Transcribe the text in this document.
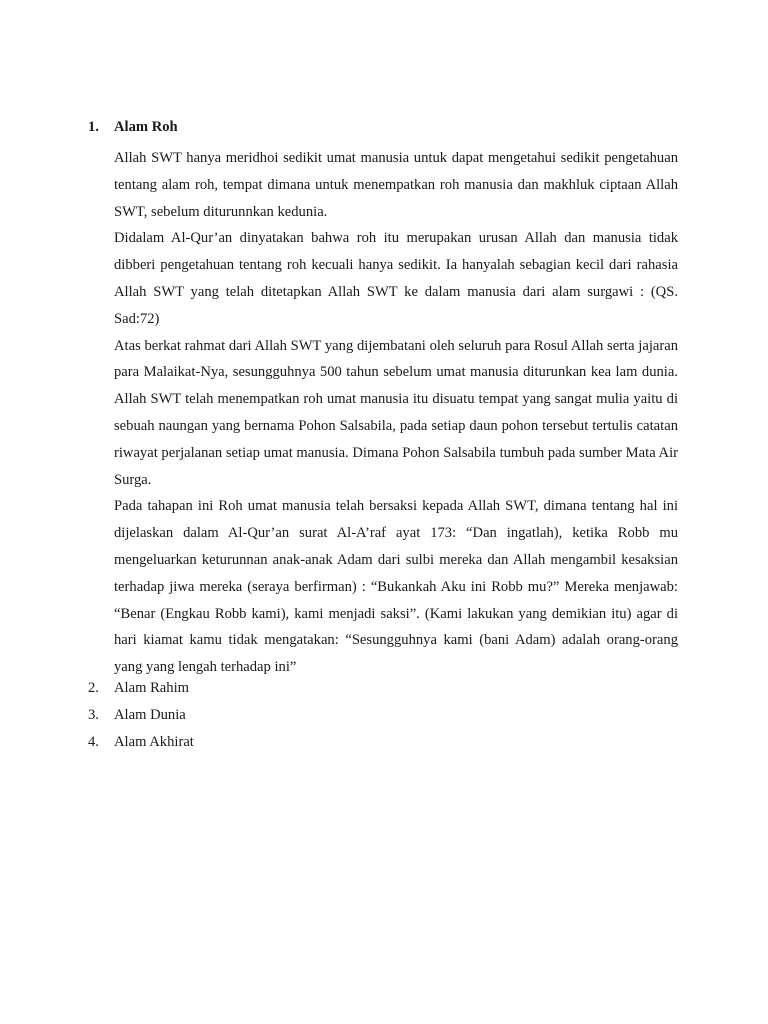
1.	Alam Roh

Allah SWT hanya meridhoi sedikit umat manusia untuk dapat mengetahui sedikit pengetahuan tentang alam roh, tempat dimana untuk menempatkan roh manusia dan makhluk ciptaan Allah SWT, sebelum diturunnkan kedunia.

Didalam Al-Qur’an dinyatakan bahwa roh itu merupakan urusan Allah dan manusia tidak dibberi pengetahuan tentang roh kecuali hanya sedikit. Ia hanyalah sebagian kecil dari rahasia Allah SWT yang telah ditetapkan Allah SWT ke dalam manusia dari alam surgawi : (QS. Sad:72)

Atas berkat rahmat dari Allah SWT yang dijembatani oleh seluruh para Rosul Allah serta jajaran para Malaikat-Nya, sesungguhnya 500 tahun sebelum umat manusia diturunkan kea lam dunia. Allah SWT telah menempatkan roh umat manusia itu disuatu tempat yang sangat mulia yaitu di sebuah naungan yang bernama Pohon Salsabila, pada setiap daun pohon tersebut tertulis catatan riwayat perjalanan setiap umat manusia. Dimana Pohon Salsabila tumbuh pada sumber Mata Air Surga.

Pada tahapan ini Roh umat manusia telah bersaksi kepada Allah SWT, dimana tentang hal ini dijelaskan dalam Al-Qur’an surat Al-A’raf ayat 173: “Dan ingatlah), ketika Robb mu mengeluarkan keturunnan anak-anak Adam dari sulbi mereka dan Allah mengambil kesaksian terhadap jiwa mereka (seraya berfirman) : “Bukankah Aku ini Robb mu?” Mereka menjawab: “Benar (Engkau Robb kami), kami menjadi saksi”. (Kami lakukan yang demikian itu) agar di hari kiamat kamu tidak mengatakan: “Sesungguhnya kami (bani Adam) adalah orang-orang yang yang lengah terhadap ini”

2.	Alam Rahim
3.	Alam Dunia
4.	Alam Akhirat
